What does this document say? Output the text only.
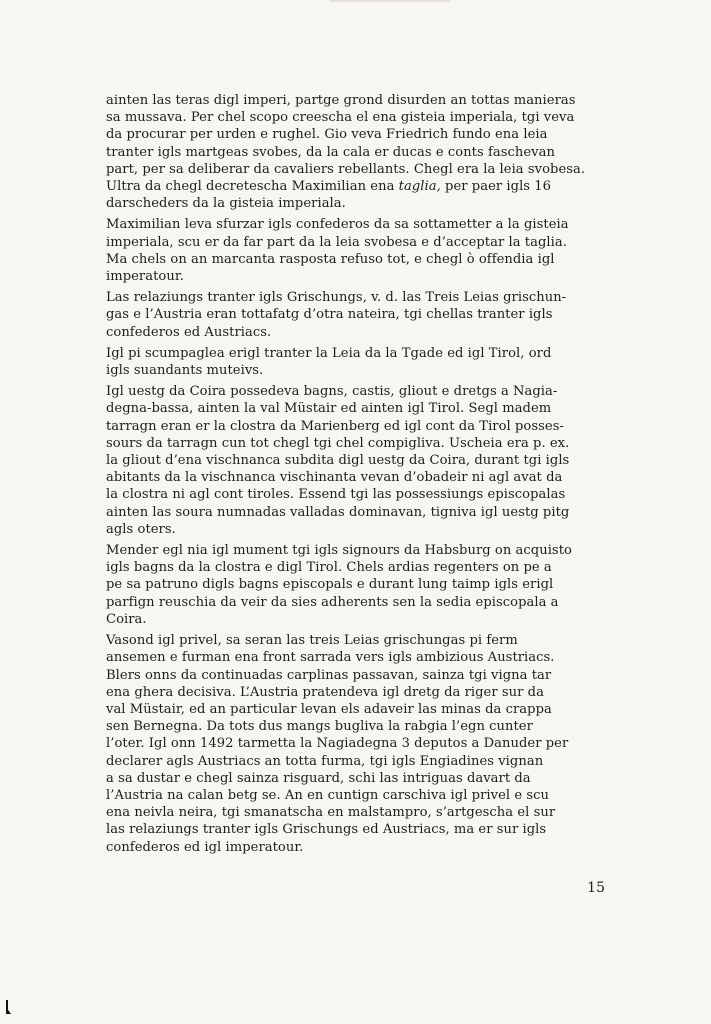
ainten las teras digl imperi, partge grond disurden an tottas manieras
sa mussava. Per chel scopo creescha el ena gisteia imperiala, tgi veva
da procurar per urden e rughel. Gio veva Friedrich fundo ena leia
tranter igls martgeas svobes, da la cala er ducas e conts faschevan
part, per sa deliberar da cavaliers rebellants. Chegl era la leia svobesa.
Ultra da chegl decretescha Maximilian ena taglia, per paer igls 16
darscheders da la gisteia imperiala.
Maximilian leva sfurzar igls confederos da sa sottametter a la gisteia
imperiala, scu er da far part da la leia svobesa e d’acceptar la taglia.
Ma chels on an marcanta rasposta refuso tot, e chegl ò offendia igl
imperatour.
Las relaziungs tranter igls Grischungs, v. d. las Treis Leias grischun-
gas e l’Austria eran tottafatg d’otra nateira, tgi chellas tranter igls
confederos ed Austriacs.
Igl pi scumpaglea erigl tranter la Leia da la Tgade ed igl Tirol, ord
igls suandants muteivs.
Igl uestg da Coira possedeva bagns, castis, gliout e dretgs a Nagia-
degna-bassa, ainten la val Müstair ed ainten igl Tirol. Segl madem
tarragn eran er la clostra da Marienberg ed igl cont da Tirol posses-
sours da tarragn cun tot chegl tgi chel compigliva. Uscheia era p. ex.
la gliout d’ena vischnanca subdita digl uestg da Coira, durant tgi igls
abitants da la vischnanca vischinanta vevan d’obadeir ni agl avat da
la clostra ni agl cont tiroles. Essend tgi las possessiungs episcopalas
ainten las soura numnadas valladas dominavan, tigniva igl uestg pitg
agls oters.
Mender egl nia igl mument tgi igls signours da Habsburg on acquisto
igls bagns da la clostra e digl Tirol. Chels ardias regenters on pe a
pe sa patruno digls bagns episcopals e durant lung taimp igls erigl
parfign reuschia da veir da sies adherents sen la sedia episcopala a
Coira.
Vasond igl privel, sa seran las treis Leias grischungas pi ferm
ansemen e furman ena front sarrada vers igls ambizious Austriacs.
Blers onns da continuadas carplinas passavan, sainza tgi vigna tar
ena ghera decisiva. L’Austria pratendeva igl dretg da riger sur da
val Müstair, ed an particular levan els adaveir las minas da crappa
sen Bernegna. Da tots dus mangs bugliva la rabgia l’egn cunter
l’oter. Igl onn 1492 tarmetta la Nagiadegna 3 deputos a Danuder per
declarer agls Austriacs an totta furma, tgi igls Engiadines vignan
a sa dustar e chegl sainza risguard, schi las intriguas davart da
l’Austria na calan betg se. An en cuntign carschiva igl privel e scu
ena neivla neira, tgi smanatscha en malstampro, s’artgescha el sur
las relaziungs tranter igls Grischungs ed Austriacs, ma er sur igls
confederos ed igl imperatour.
15
